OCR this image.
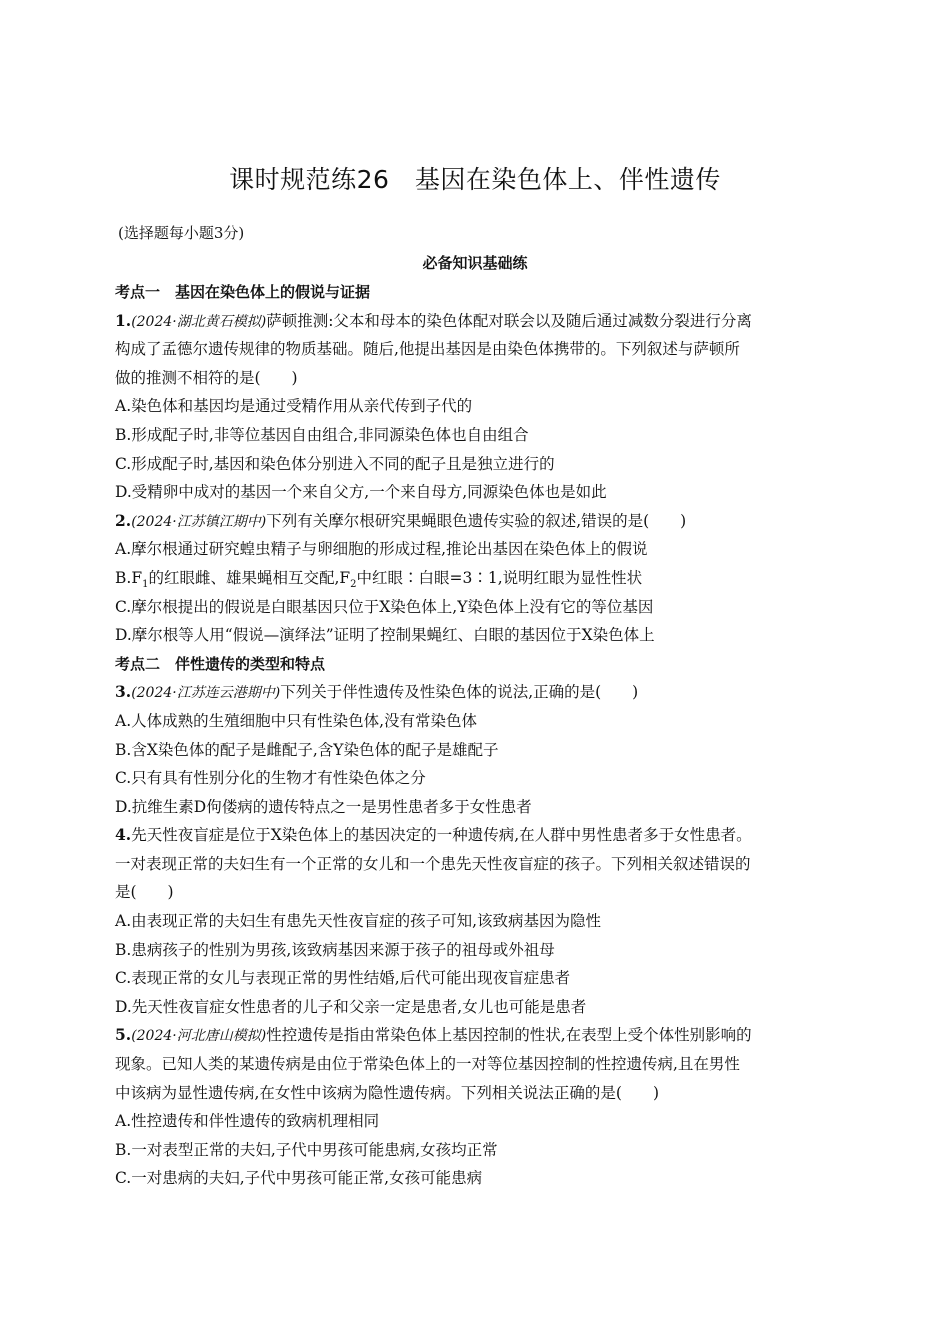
课时规范练26　基因在染色体上、伴性遗传
(选择题每小题3分)
必备知识基础练
考点一　基因在染色体上的假说与证据
1.(2024·湖北黄石模拟)萨顿推测:父本和母本的染色体配对联会以及随后通过减数分裂进行分离
构成了孟德尔遗传规律的物质基础。随后,他提出基因是由染色体携带的。下列叙述与萨顿所
做的推测不相符的是(　　)
A.染色体和基因均是通过受精作用从亲代传到子代的
B.形成配子时,非等位基因自由组合,非同源染色体也自由组合
C.形成配子时,基因和染色体分别进入不同的配子且是独立进行的
D.受精卵中成对的基因一个来自父方,一个来自母方,同源染色体也是如此
2.(2024·江苏镇江期中)下列有关摩尔根研究果蝇眼色遗传实验的叙述,错误的是(　　)
A.摩尔根通过研究蝗虫精子与卵细胞的形成过程,推论出基因在染色体上的假说
$B.F_1$的红眼雌、雄果蝇相互交配$,F_2$中红眼∶白眼=3∶1,说明红眼为显性性状
C.摩尔根提出的假说是白眼基因只位于X染色体上,Y染色体上没有它的等位基因
D.摩尔根等人用“假说—演绎法”证明了控制果蝇红、白眼的基因位于X染色体上
考点二　伴性遗传的类型和特点
3.(2024·江苏连云港期中)下列关于伴性遗传及性染色体的说法,正确的是(　　)
A.人体成熟的生殖细胞中只有性染色体,没有常染色体
B.含X染色体的配子是雌配子,含Y染色体的配子是雄配子
C.只有具有性别分化的生物才有性染色体之分
D.抗维生素D佝偻病的遗传特点之一是男性患者多于女性患者
4.先天性夜盲症是位于X染色体上的基因决定的一种遗传病,在人群中男性患者多于女性患者。
一对表现正常的夫妇生有一个正常的女儿和一个患先天性夜盲症的孩子。下列相关叙述错误的
是(　　)
A.由表现正常的夫妇生有患先天性夜盲症的孩子可知,该致病基因为隐性
B.患病孩子的性别为男孩,该致病基因来源于孩子的祖母或外祖母
C.表现正常的女儿与表现正常的男性结婚,后代可能出现夜盲症患者
D.先天性夜盲症女性患者的儿子和父亲一定是患者,女儿也可能是患者
5.(2024·河北唐山模拟)性控遗传是指由常染色体上基因控制的性状,在表型上受个体性别影响的
现象。已知人类的某遗传病是由位于常染色体上的一对等位基因控制的性控遗传病,且在男性
中该病为显性遗传病,在女性中该病为隐性遗传病。下列相关说法正确的是(　　)
A.性控遗传和伴性遗传的致病机理相同
B.一对表型正常的夫妇,子代中男孩可能患病,女孩均正常
C.一对患病的夫妇,子代中男孩可能正常,女孩可能患病
